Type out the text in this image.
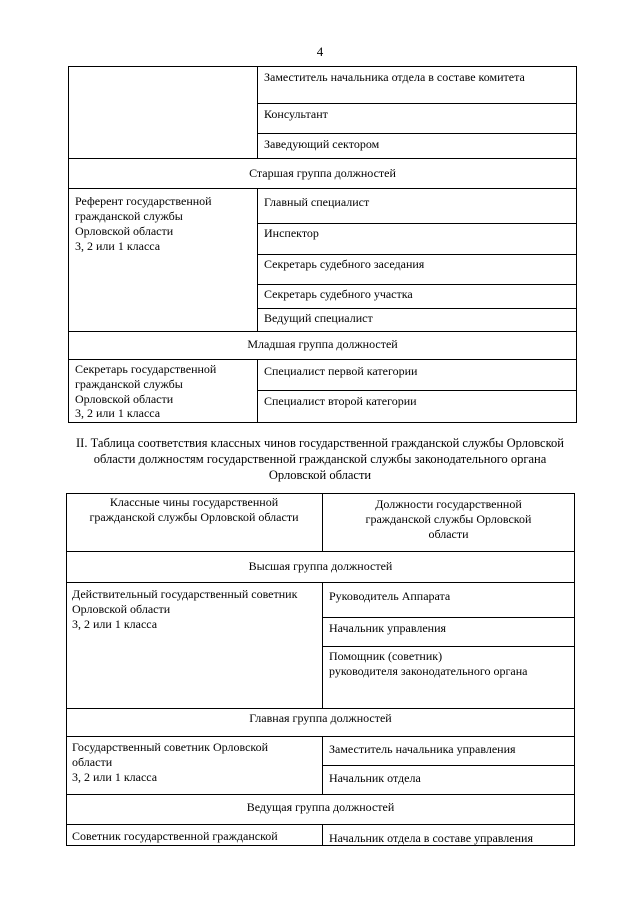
4
Заместитель начальника отдела в составе комитета
Консультант
Заведующий сектором
Старшая группа должностей
Референт государственной
гражданской службы
Орловской области
3, 2 или 1 класса
Главный специалист
Инспектор
Секретарь судебного заседания
Секретарь судебного участка
Ведущий специалист
Младшая группа должностей
Секретарь государственной
гражданской службы
Орловской области
3, 2 или 1 класса
Специалист первой категории
Специалист второй категории
II. Таблица соответствия классных чинов государственной гражданской службы Орловской
области должностям государственной гражданской службы законодательного органа
Орловской области
Классные чины государственной
гражданской службы Орловской области
Должности государственной
гражданской службы Орловской
области
Высшая группа должностей
Действительный государственный советник
Орловской области
3, 2 или 1 класса
Руководитель Аппарата
Начальник управления
Помощник (советник)
руководителя законодательного органа
Главная группа должностей
Государственный советник Орловской
области
3, 2 или 1 класса
Заместитель начальника управления
Начальник отдела
Ведущая группа должностей
Советник государственной гражданской	Начальник отдела в составе управления
